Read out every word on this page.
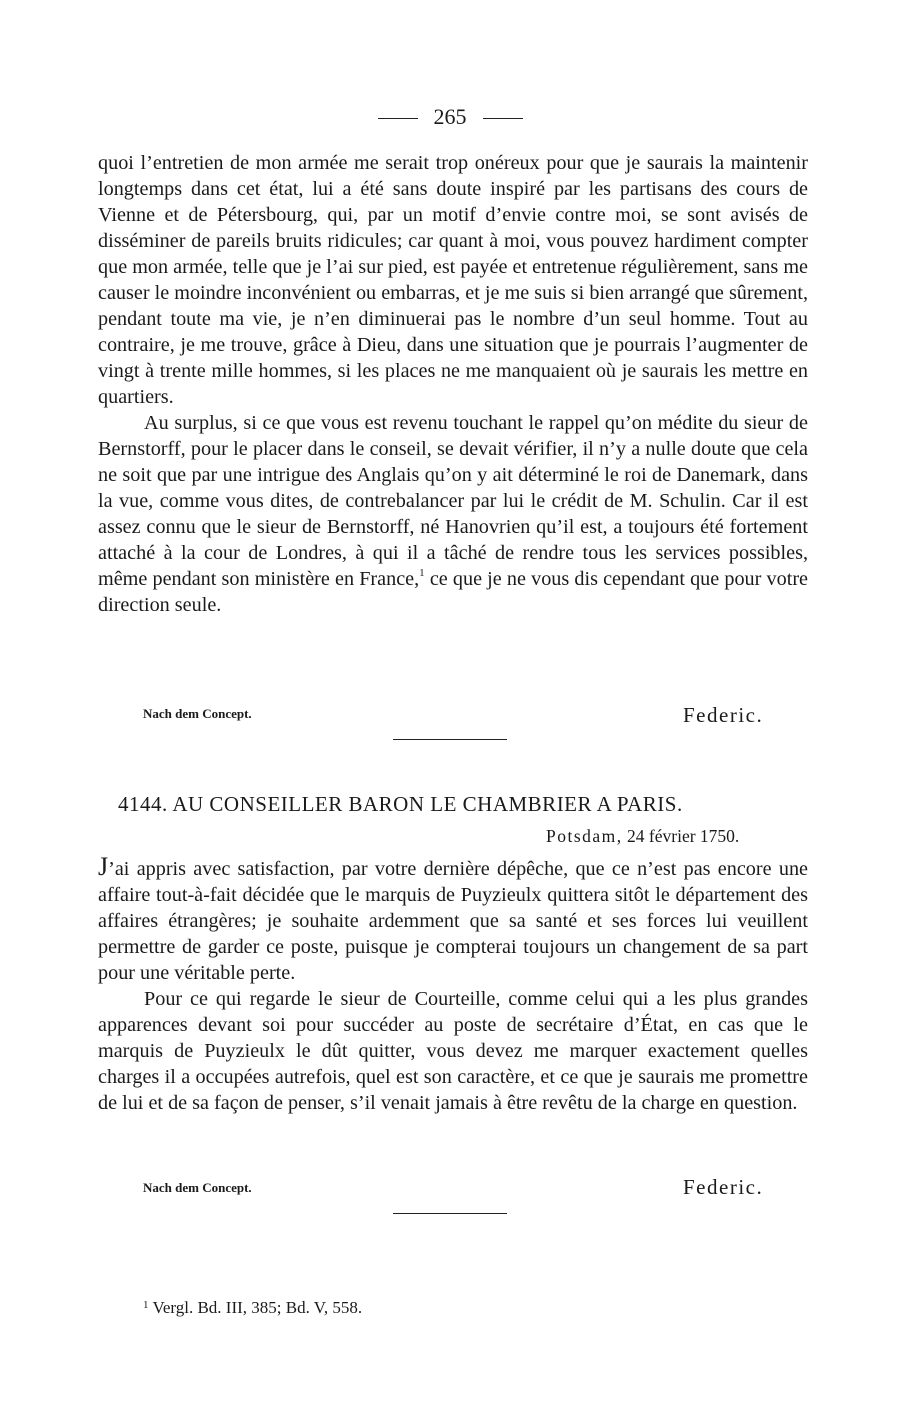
265

quoi l’entretien de mon armée me serait trop onéreux pour que je saurais la maintenir longtemps dans cet état, lui a été sans doute inspiré par les partisans des cours de Vienne et de Pétersbourg, qui, par un motif d’envie contre moi, se sont avisés de disséminer de pareils bruits ridicules; car quant à moi, vous pouvez hardiment compter que mon armée, telle que je l’ai sur pied, est payée et entretenue régulièrement, sans me causer le moindre inconvénient ou embarras, et je me suis si bien arrangé que sûrement, pendant toute ma vie, je n’en diminuerai pas le nombre d’un seul homme. Tout au contraire, je me trouve, grâce à Dieu, dans une situation que je pourrais l’augmenter de vingt à trente mille hommes, si les places ne me manquaient où je saurais les mettre en quartiers.

Au surplus, si ce que vous est revenu touchant le rappel qu’on médite du sieur de Bernstorff, pour le placer dans le conseil, se devait vérifier, il n’y a nulle doute que cela ne soit que par une intrigue des Anglais qu’on y ait déterminé le roi de Danemark, dans la vue, comme vous dites, de contrebalancer par lui le crédit de M. Schulin. Car il est assez connu que le sieur de Bernstorff, né Hanovrien qu’il est, a toujours été fortement attaché à la cour de Londres, à qui il a tâché de rendre tous les services possibles, même pendant son ministère en France,$^1$ ce que je ne vous dis cependant que pour votre direction seule.

Nach dem Concept.	Federic.
4144. AU CONSEILLER BARON LE CHAMBRIER A PARIS.
Potsdam, 24 février 1750.

J’ai appris avec satisfaction, par votre dernière dépêche, que ce n’est pas encore une affaire tout-à-fait décidée que le marquis de Puyzieulx quittera sitôt le département des affaires étrangères; je souhaite ardemment que sa santé et ses forces lui veuillent permettre de garder ce poste, puisque je compterai toujours un changement de sa part pour une véritable perte.

Pour ce qui regarde le sieur de Courteille, comme celui qui a les plus grandes apparences devant soi pour succéder au poste de secrétaire d’État, en cas que le marquis de Puyzieulx le dût quitter, vous devez me marquer exactement quelles charges il a occupées autrefois, quel est son caractère, et ce que je saurais me promettre de lui et de sa façon de penser, s’il venait jamais à être revêtu de la charge en question.

Nach dem Concept.	Federic.
$^1$ Vergl. Bd. III, 385; Bd. V, 558.
